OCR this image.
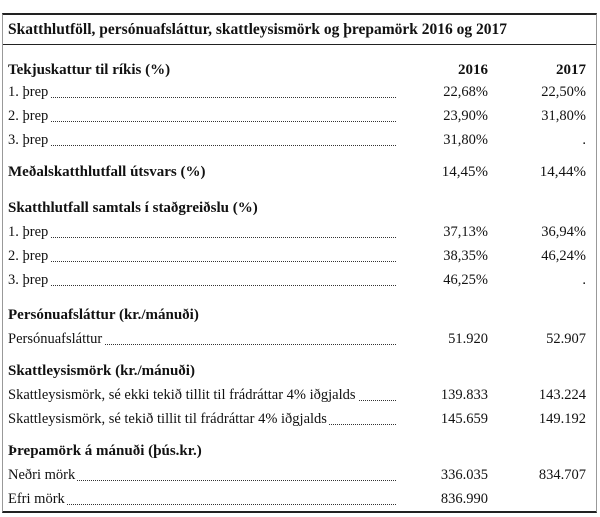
Skatthlutföll, persónuafsláttur, skattleysismörk og þrepamörk 2016 og 2017
Tekjuskattur til ríkis (%)	2016	2017
1. þrep	22,68%	22,50%
2. þrep	23,90%	31,80%
3. þrep	31,80%	.
Meðalskatthlutfall útsvars (%)	14,45%	14,44%
Skatthlutfall samtals í staðgreiðslu (%)
1. þrep	37,13%	36,94%
2. þrep	38,35%	46,24%
3. þrep	46,25%	.
Persónuafsláttur (kr./mánuði)
Persónuafsláttur	51.920	52.907
Skattleysismörk (kr./mánuði)
Skattleysismörk, sé ekki tekið tillit til frádráttar 4% iðgjalds	139.833	143.224
Skattleysismörk, sé tekið tillit til frádráttar 4% iðgjalds	145.659	149.192
Þrepamörk á mánuði (þús.kr.)
Neðri mörk	336.035	834.707
Efri mörk	836.990
